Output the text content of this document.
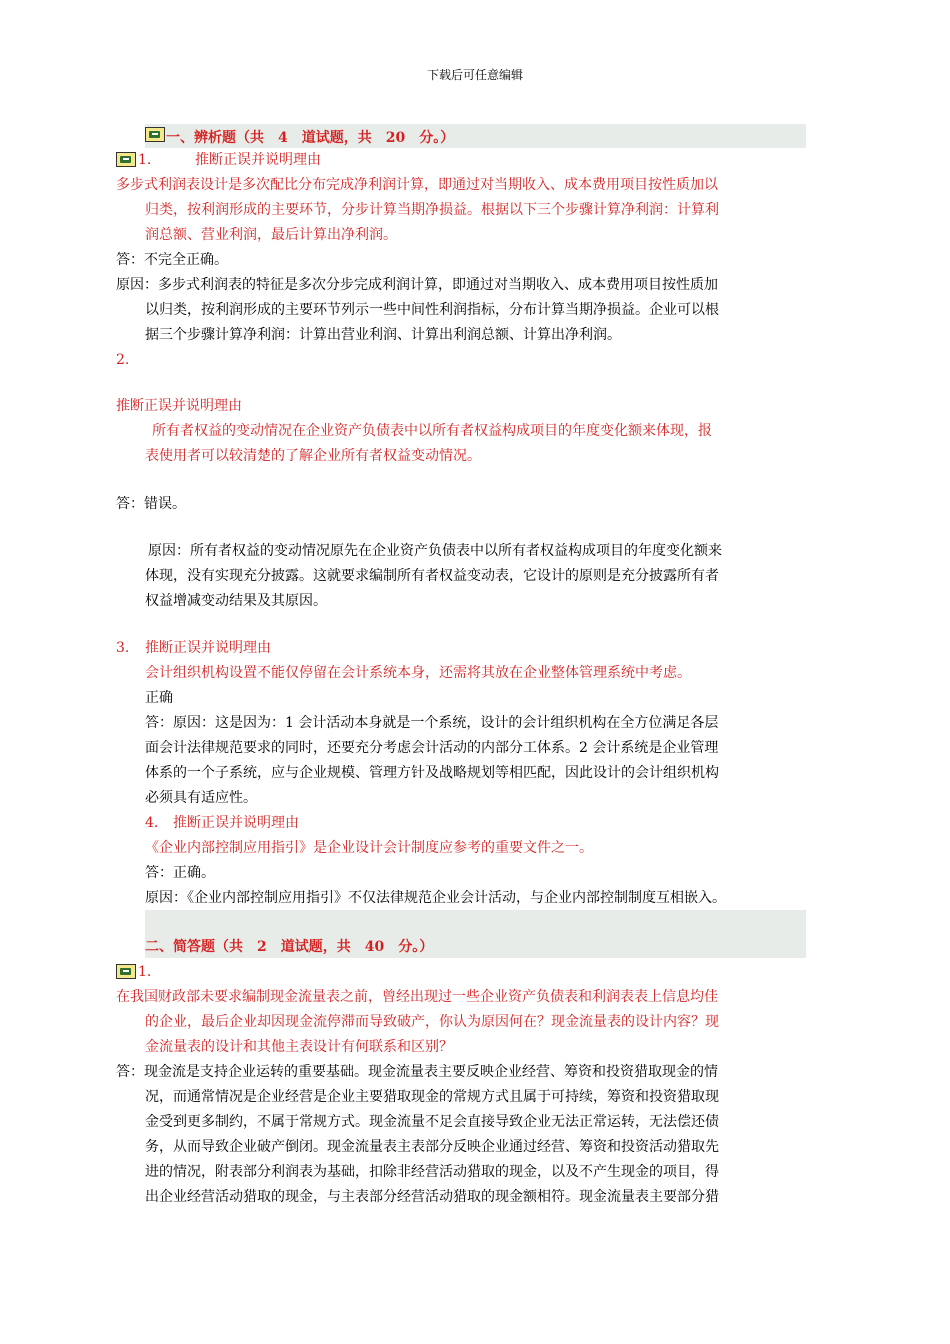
下载后可任意编辑
一、辨析题（共　4　道试题，共　20　分。）
1.	推断正误并说明理由
多步式利润表设计是多次配比分布完成净利润计算，即通过对当期收入、成本费用项目按性质加以
归类，按利润形成的主要环节，分步计算当期净损益。根据以下三个步骤计算净利润：计算利
润总额、营业利润，最后计算出净利润。
答：不完全正确。
原因：多步式利润表的特征是多次分步完成利润计算，即通过对当期收入、成本费用项目按性质加
以归类，按利润形成的主要环节列示一些中间性利润指标，分布计算当期净损益。企业可以根
据三个步骤计算净利润：计算出营业利润、计算出利润总额、计算出净利润。
2.
推断正误并说明理由
所有者权益的变动情况在企业资产负债表中以所有者权益构成项目的年度变化额来体现，报
表使用者可以较清楚的了解企业所有者权益变动情况。
答：错误。
原因：所有者权益的变动情况原先在企业资产负债表中以所有者权益构成项目的年度变化额来
体现，没有实现充分披露。这就要求编制所有者权益变动表，它设计的原则是充分披露所有者
权益增减变动结果及其原因。
3. 推断正误并说明理由
会计组织机构设置不能仅停留在会计系统本身，还需将其放在企业整体管理系统中考虑。
正确
答：原因：这是因为：1 会计活动本身就是一个系统，设计的会计组织机构在全方位满足各层
面会计法律规范要求的同时，还要充分考虑会计活动的内部分工体系。2 会计系统是企业管理
体系的一个子系统，应与企业规模、管理方针及战略规划等相匹配，因此设计的会计组织机构
必须具有适应性。
4. 推断正误并说明理由
《企业内部控制应用指引》是企业设计会计制度应参考的重要文件之一。
答：正确。
原因：《企业内部控制应用指引》不仅法律规范企业会计活动，与企业内部控制制度互相嵌入。
二、简答题（共　2　道试题，共　40　分。）
1.
在我国财政部未要求编制现金流量表之前，曾经出现过一些企业资产负债表和利润表表上信息均佳
的企业，最后企业却因现金流停滞而导致破产，你认为原因何在？现金流量表的设计内容？现
金流量表的设计和其他主表设计有何联系和区别？
答：现金流是支持企业运转的重要基础。现金流量表主要反映企业经营、筹资和投资猎取现金的情
况，而通常情况是企业经营是企业主要猎取现金的常规方式且属于可持续，筹资和投资猎取现
金受到更多制约，不属于常规方式。现金流量不足会直接导致企业无法正常运转，无法偿还债
务，从而导致企业破产倒闭。现金流量表主表部分反映企业通过经营、筹资和投资活动猎取先
进的情况，附表部分利润表为基础，扣除非经营活动猎取的现金，以及不产生现金的项目，得
出企业经营活动猎取的现金，与主表部分经营活动猎取的现金额相符。现金流量表主要部分猎
